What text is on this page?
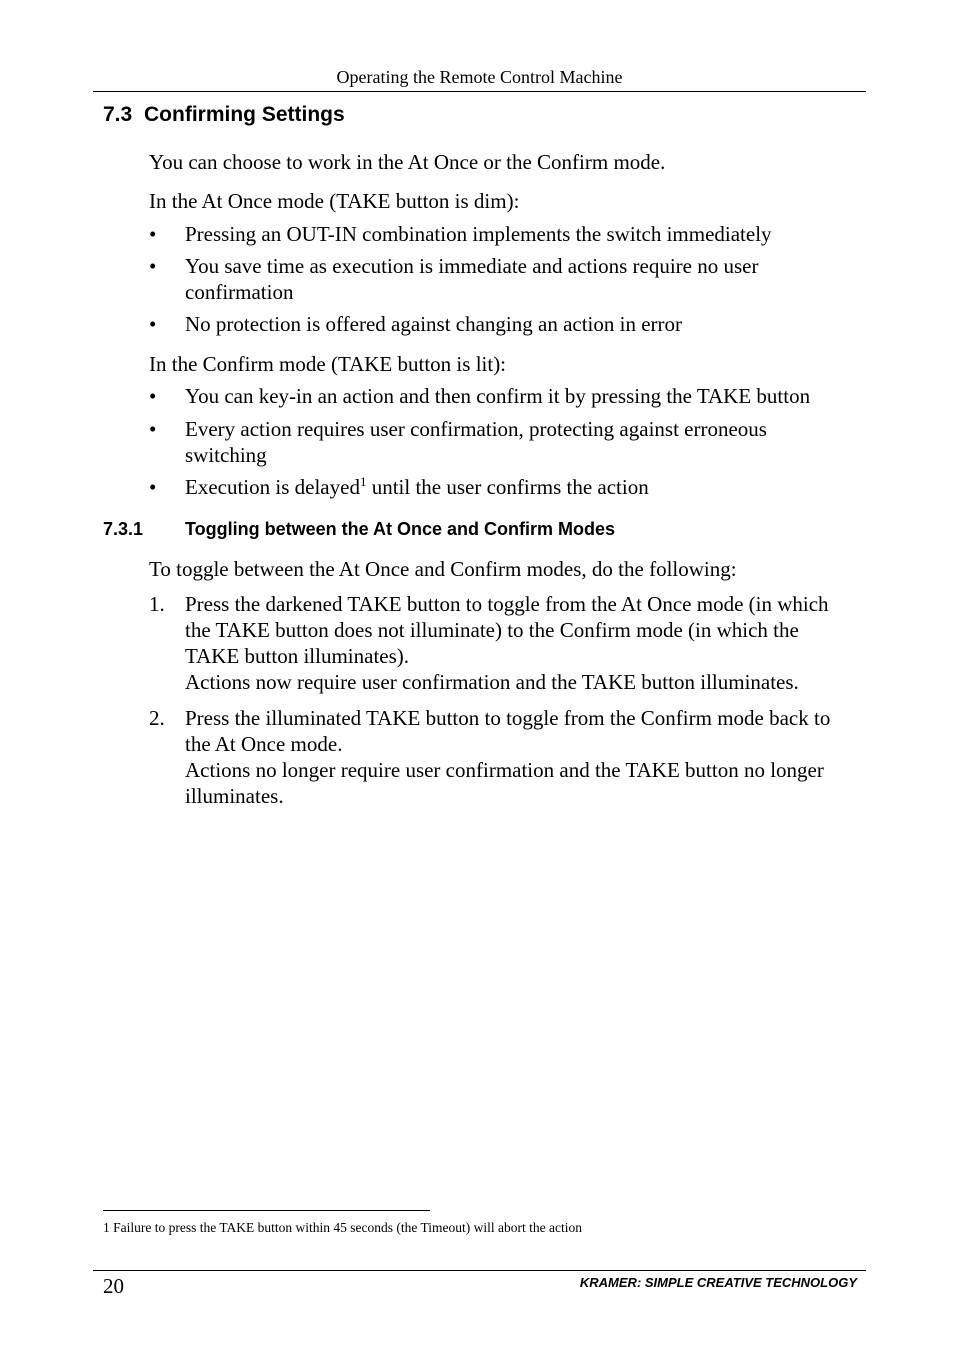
Operating the Remote Control Machine
7.3 Confirming Settings
You can choose to work in the At Once or the Confirm mode.
In the At Once mode (TAKE button is dim):
• Pressing an OUT-IN combination implements the switch immediately
• You save time as execution is immediate and actions require no user
confirmation
• No protection is offered against changing an action in error
In the Confirm mode (TAKE button is lit):
• You can key-in an action and then confirm it by pressing the TAKE button
• Every action requires user confirmation, protecting against erroneous
switching
• Execution is delayed$^1$ until the user confirms the action
7.3.1 Toggling between the At Once and Confirm Modes
To toggle between the At Once and Confirm modes, do the following:
1. Press the darkened TAKE button to toggle from the At Once mode (in which
the TAKE button does not illuminate) to the Confirm mode (in which the
TAKE button illuminates).
Actions now require user confirmation and the TAKE button illuminates.
2. Press the illuminated TAKE button to toggle from the Confirm mode back to
the At Once mode.
Actions no longer require user confirmation and the TAKE button no longer
illuminates.
1 Failure to press the TAKE button within 45 seconds (the Timeout) will abort the action
20	KRAMER: SIMPLE CREATIVE TECHNOLOGY
